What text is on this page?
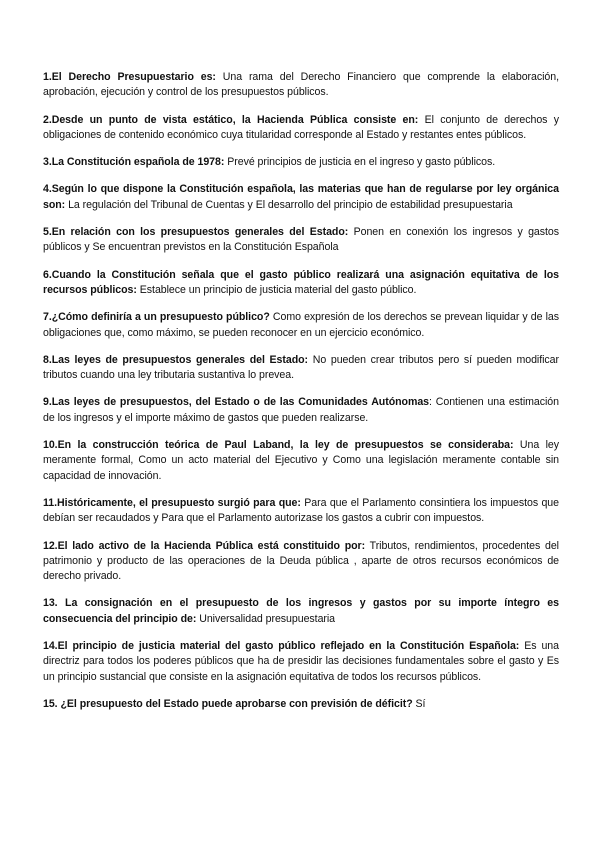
1.El Derecho Presupuestario es: Una rama del Derecho Financiero que comprende la elaboración, aprobación, ejecución y control de los presupuestos públicos.

2.Desde un punto de vista estático, la Hacienda Pública consiste en: El conjunto de derechos y obligaciones de contenido económico cuya titularidad corresponde al Estado y restantes entes públicos.

3.La Constitución española de 1978: Prevé principios de justicia en el ingreso y gasto públicos.

4.Según lo que dispone la Constitución española, las materias que han de regularse por ley orgánica son: La regulación del Tribunal de Cuentas y El desarrollo del principio de estabilidad presupuestaria

5.En relación con los presupuestos generales del Estado: Ponen en conexión los ingresos y gastos públicos y Se encuentran previstos en la Constitución Española

6.Cuando la Constitución señala que el gasto público realizará una asignación equitativa de los recursos públicos: Establece un principio de justicia material del gasto público.

7.¿Cómo definiría a un presupuesto público? Como expresión de los derechos se prevean liquidar y de las obligaciones que, como máximo, se pueden reconocer en un ejercicio económico.

8.Las leyes de presupuestos generales del Estado: No pueden crear tributos pero sí pueden modificar tributos cuando una ley tributaria sustantiva lo prevea.

9.Las leyes de presupuestos, del Estado o de las Comunidades Autónomas: Contienen una estimación de los ingresos y el importe máximo de gastos que pueden realizarse.

10.En la construcción teórica de Paul Laband, la ley de presupuestos se consideraba: Una ley meramente formal, Como un acto material del Ejecutivo y Como una legislación meramente contable sin capacidad de innovación.

11.Históricamente, el presupuesto surgió para que: Para que el Parlamento consintiera los impuestos que debían ser recaudados y Para que el Parlamento autorizase los gastos a cubrir con impuestos.

12.El lado activo de la Hacienda Pública está constituido por: Tributos, rendimientos, procedentes del patrimonio y producto de las operaciones de la Deuda pública , aparte de otros recursos económicos de derecho privado.

13. La consignación en el presupuesto de los ingresos y gastos por su importe íntegro es consecuencia del principio de: Universalidad presupuestaria

14.El principio de justicia material del gasto público reflejado en la Constitución Española: Es una directriz para todos los poderes públicos que ha de presidir las decisiones fundamentales sobre el gasto y Es un principio sustancial que consiste en la asignación equitativa de todos los recursos públicos.

15. ¿El presupuesto del Estado puede aprobarse con previsión de déficit? Sí
